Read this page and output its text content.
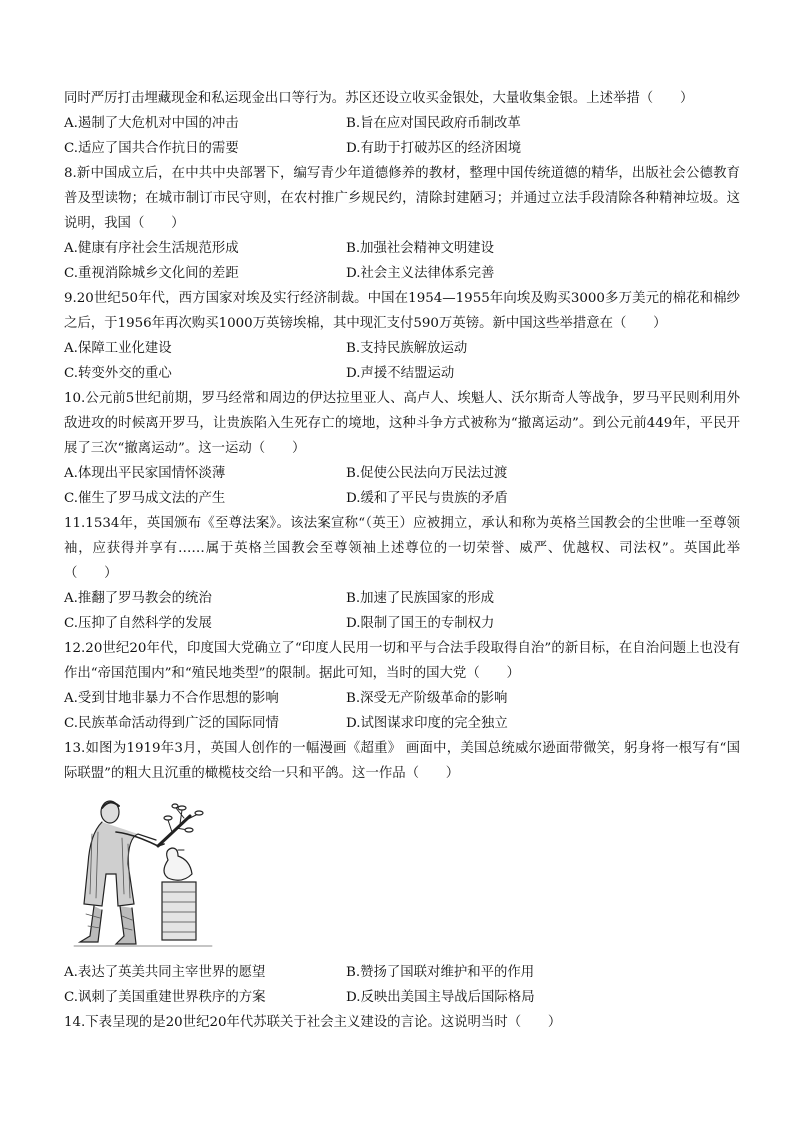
同时严厉打击埋藏现金和私运现金出口等行为。苏区还设立收买金银处，大量收集金银。上述举措（　　）

A.遏制了大危机对中国的冲击	B.旨在应对国民政府币制改革
C.适应了国共合作抗日的需要	D.有助于打破苏区的经济困境

8.新中国成立后，在中共中央部署下，编写青少年道德修养的教材，整理中国传统道德的精华，出版社会公德教育普及型读物；在城市制订市民守则，在农村推广乡规民约，清除封建陋习；并通过立法手段清除各种精神垃圾。这说明，我国（　　）

A.健康有序社会生活规范形成	B.加强社会精神文明建设
C.重视消除城乡文化间的差距	D.社会主义法律体系完善

9.20世纪50年代，西方国家对埃及实行经济制裁。中国在1954—1955年向埃及购买3000多万美元的棉花和棉纱之后，于1956年再次购买1000万英镑埃棉，其中现汇支付590万英镑。新中国这些举措意在（　　）

A.保障工业化建设	B.支持民族解放运动
C.转变外交的重心	D.声援不结盟运动

10.公元前5世纪前期，罗马经常和周边的伊达拉里亚人、高卢人、埃魁人、沃尔斯奇人等战争，罗马平民则利用外敌进攻的时候离开罗马，让贵族陷入生死存亡的境地，这种斗争方式被称为“撤离运动”。到公元前449年，平民开展了三次“撤离运动”。这一运动（　　）

A.体现出平民家国情怀淡薄	B.促使公民法向万民法过渡
C.催生了罗马成文法的产生	D.缓和了平民与贵族的矛盾

11.1534年，英国颁布《至尊法案》。该法案宣称“（英王）应被拥立，承认和称为英格兰国教会的尘世唯一至尊领袖，应获得并享有……属于英格兰国教会至尊领袖上述尊位的一切荣誉、威严、优越权、司法权”。英国此举（　　）

A.推翻了罗马教会的统治	B.加速了民族国家的形成
C.压抑了自然科学的发展	D.限制了国王的专制权力

12.20世纪20年代，印度国大党确立了“印度人民用一切和平与合法手段取得自治”的新目标，在自治问题上也没有作出“帝国范围内”和“殖民地类型”的限制。据此可知，当时的国大党（　　）

A.受到甘地非暴力不合作思想的影响	B.深受无产阶级革命的影响
C.民族革命活动得到广泛的国际同情	D.试图谋求印度的完全独立

13.如图为1919年3月，英国人创作的一幅漫画《超重》 画面中，美国总统威尔逊面带微笑，躬身将一根写有“国际联盟”的粗大且沉重的橄榄枝交给一只和平鸽。这一作品（　　）

A.表达了英美共同主宰世界的愿望	B.赞扬了国联对维护和平的作用
C.讽刺了美国重建世界秩序的方案	D.反映出美国主导战后国际格局

14.下表呈现的是20世纪20年代苏联关于社会主义建设的言论。这说明当时（　　）
